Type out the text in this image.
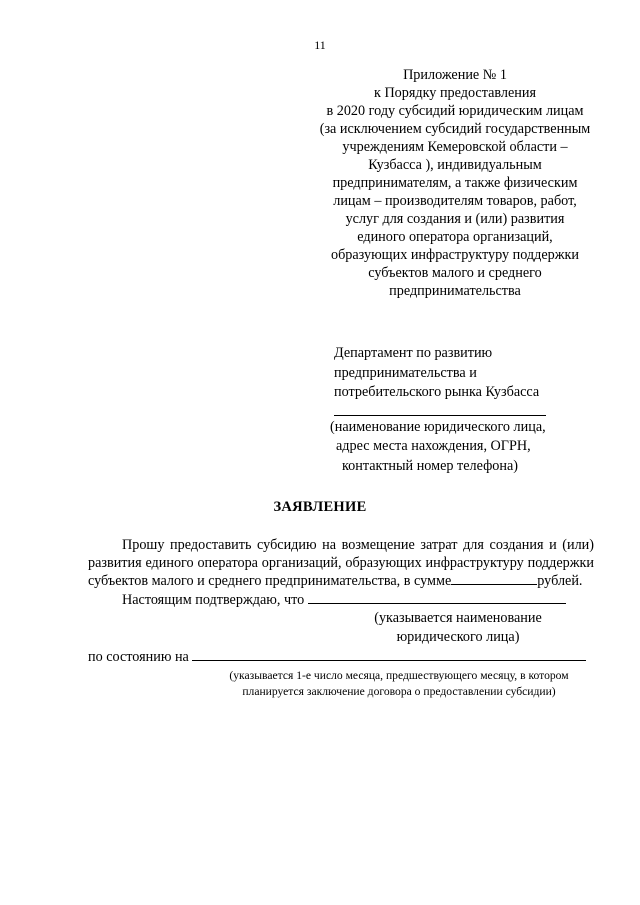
11
Приложение № 1
к Порядку предоставления
в 2020 году субсидий юридическим лицам
(за исключением субсидий государственным
учреждениям Кемеровской области –
Кузбасса ), индивидуальным
предпринимателям, а также физическим
лицам – производителям товаров, работ,
услуг для создания и (или) развития
единого оператора организаций,
образующих инфраструктуру поддержки
субъектов малого и среднего
предпринимательства
Департамент по развитию
предпринимательства и
потребительского рынка Кузбасса
(наименование юридического лица,
адрес места нахождения, ОГРН,
контактный номер телефона)
ЗАЯВЛЕНИЕ
Прошу предоставить субсидию на возмещение затрат для создания и (или) развития единого оператора организаций, образующих инфраструктуру поддержки субъектов малого и среднего предпринимательства, в сумме	рублей.
Настоящим подтверждаю, что
(указывается наименование
юридического лица)
по состоянию на
(указывается 1-е число месяца, предшествующего месяцу, в котором
планируется заключение договора о предоставлении субсидии)
